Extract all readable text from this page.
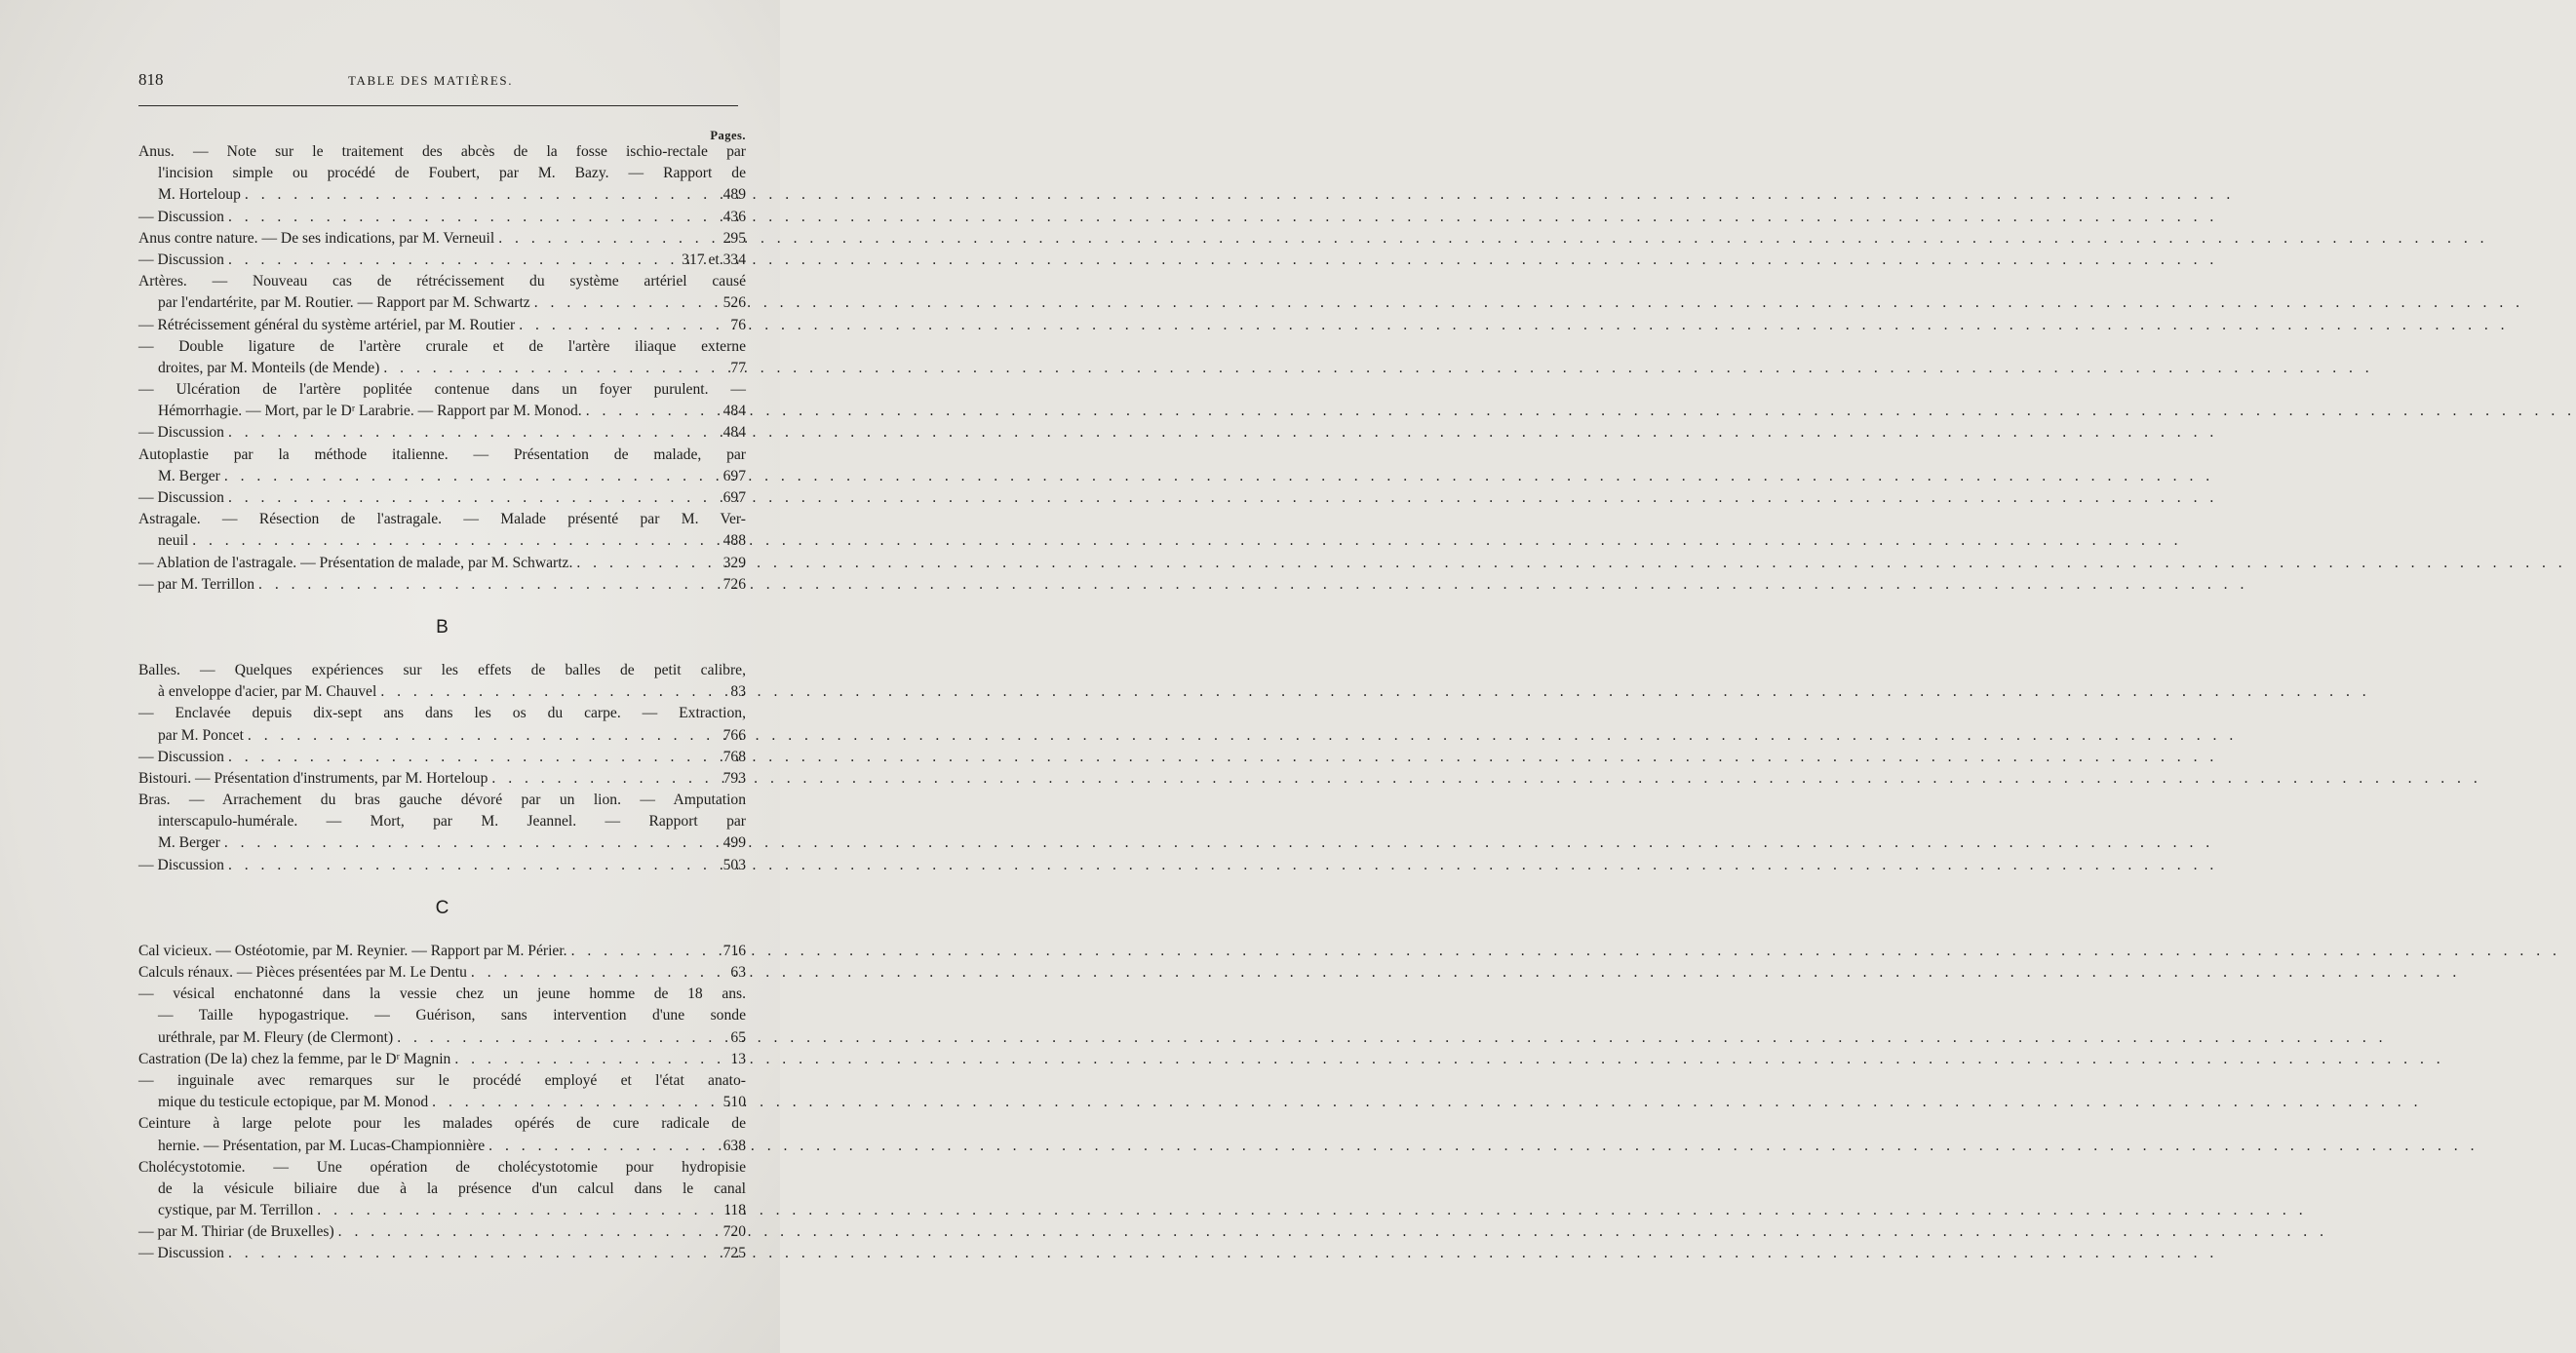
818	TABLE DES MATIÈRES.
Pages.
Anus. — Note sur le traitement des abcès de la fosse ischio-rectale par
l'incision simple ou procédé de Foubert, par M. Bazy. — Rapport de
M. Horteloup . . .	489
— Discussion . . .	436
Anus contre nature. — De ses indications, par M. Verneuil . . .	295
— Discussion . . .	317 et 334
Artères. — Nouveau cas de rétrécissement du système artériel causé
par l'endartérite, par M. Routier. — Rapport par M. Schwartz . . .	526
— Rétrécissement général du système artériel, par M. Routier . . .	76
— Double ligature de l'artère crurale et de l'artère iliaque externe
droites, par M. Monteils (de Mende) . . .	77
— Ulcération de l'artère poplitée contenue dans un foyer purulent. —
Hémorrhagie. — Mort, par le Dʳ Larabrie. — Rapport par M. Monod. . . .	484
— Discussion . . .	484
Autoplastie par la méthode italienne. — Présentation de malade, par
M. Berger . . .	697
— Discussion . . .	697
Astragale. — Résection de l'astragale. — Malade présenté par M. Ver-
neuil . . .	488
— Ablation de l'astragale. — Présentation de malade, par M. Schwartz. . . .	329
— par M. Terrillon . . .	726
B
Balles. — Quelques expériences sur les effets de balles de petit calibre,
à enveloppe d'acier, par M. Chauvel . . .	83
— Enclavée depuis dix-sept ans dans les os du carpe. — Extraction,
par M. Poncet . . .	766
— Discussion . . .	768
Bistouri. — Présentation d'instruments, par M. Horteloup . . .	793
Bras. — Arrachement du bras gauche dévoré par un lion. — Amputation
interscapulo-humérale. — Mort, par M. Jeannel. — Rapport par
M. Berger . . .	499
— Discussion . . .	503
C
Cal vicieux. — Ostéotomie, par M. Reynier. — Rapport par M. Périer. . . .	716
Calculs rénaux. — Pièces présentées par M. Le Dentu . . .	63
— vésical enchatonné dans la vessie chez un jeune homme de 18 ans.
— Taille hypogastrique. — Guérison, sans intervention d'une sonde
uréthrale, par M. Fleury (de Clermont) . . .	65
Castration (De la) chez la femme, par le Dʳ Magnin . . .	13
— inguinale avec remarques sur le procédé employé et l'état anato-
mique du testicule ectopique, par M. Monod . . .	510
Ceinture à large pelote pour les malades opérés de cure radicale de
hernie. — Présentation, par M. Lucas-Championnière . . .	638
Cholécystotomie. — Une opération de cholécystotomie pour hydropisie
de la vésicule biliaire due à la présence d'un calcul dans le canal
cystique, par M. Terrillon . . .	118
— par M. Thiriar (de Bruxelles) . . .	720
— Discussion . . .	725
